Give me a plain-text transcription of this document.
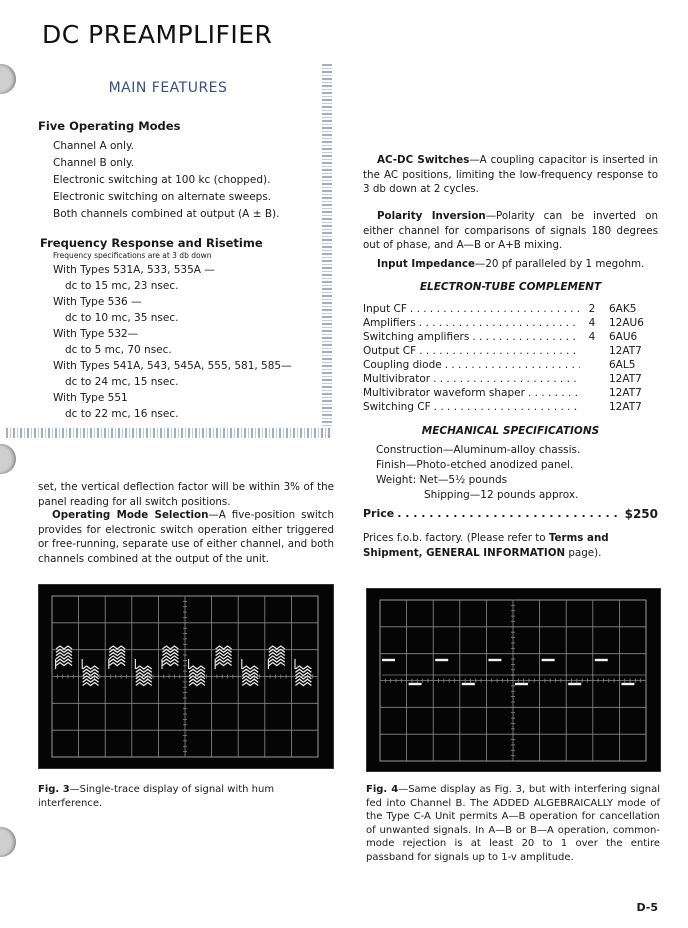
DC PREAMPLIFIER
MAIN FEATURES
Five Operating Modes
Channel A only.
Channel B only.
Electronic switching at 100 kc (chopped).
Electronic switching on alternate sweeps.
Both channels combined at output (A ± B).
Frequency Response and Risetime
Frequency specifications are at 3 db down
With Types 531A, 533, 535A —
dc to 15 mc, 23 nsec.
With Type 536 —
dc to 10 mc, 35 nsec.
With Type 532—
dc to 5 mc, 70 nsec.
With Types 541A, 543, 545A, 555, 581, 585—
dc to 24 mc, 15 nsec.
With Type 551
dc to 22 mc, 16 nsec.
set, the vertical deflection factor will be within 3% of the panel reading for all switch positions.
Operating Mode Selection—A five-position switch provides for electronic switch operation either triggered or free-running, separate use of either channel, and both channels combined at the output of the unit.
AC-DC Switches—A coupling capacitor is inserted in the AC positions, limiting the low-frequency response to 3 db down at 2 cycles.
Polarity Inversion—Polarity can be inverted on either channel for comparisons of signals 180 degrees out of phase, and A—B or A+B mixing.
Input Impedance—20 pf paralleled by 1 megohm.
ELECTRON-TUBE COMPLEMENT
Input CF . . .	2	6AK5
Amplifiers . . .	4	12AU6
Switching amplifiers . . .	4	6AU6
Output CF . . .	12AT7
Coupling diode . . .	6AL5
Multivibrator . . .	12AT7
Multivibrator waveform shaper . . .	12AT7
Switching CF . . .	12AT7
MECHANICAL SPECIFICATIONS
Construction—Aluminum-alloy chassis.
Finish—Photo-etched anodized panel.
Weight: Net—5½ pounds
Shipping—12 pounds approx.
Price . . .	$250
Prices f.o.b. factory. (Please refer to Terms and Shipment, GENERAL INFORMATION page).
Fig. 3—Single-trace display of signal with hum interference.
Fig. 4—Same display as Fig. 3, but with interfering signal fed into Channel B. The ADDED ALGEBRAICALLY mode of the Type C-A Unit permits A—B operation for cancellation of unwanted signals. In A—B or B—A operation, common-mode rejection is at least 20 to 1 over the entire passband for signals up to 1-v amplitude.
D-5
